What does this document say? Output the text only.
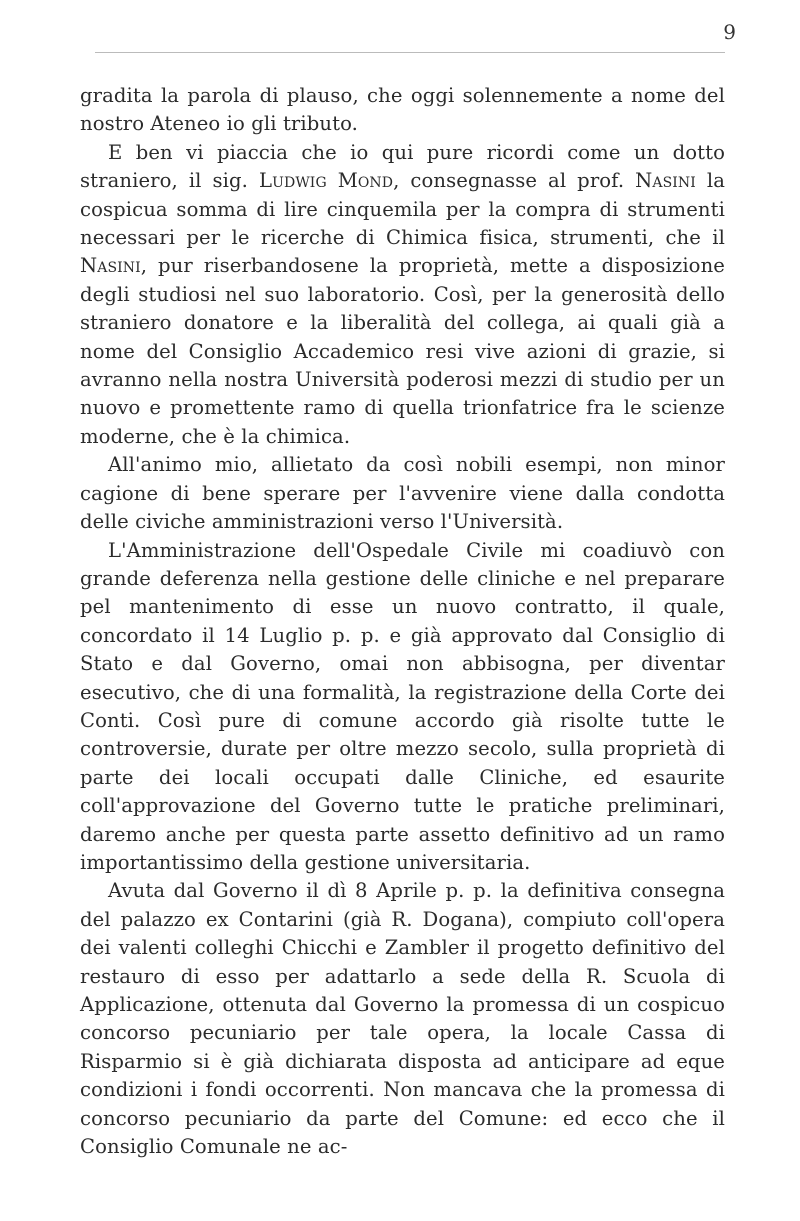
9

gradita la parola di plauso, che oggi solennemente a nome del nostro Ateneo io gli tributo.

E ben vi piaccia che io qui pure ricordi come un dotto straniero, il sig. Ludwig Mond, consegnasse al prof. Nasini la cospicua somma di lire cinquemila per la compra di strumenti necessari per le ricerche di Chimica fisica, strumenti, che il Nasini, pur riserbandosene la proprietà, mette a disposizione degli studiosi nel suo laboratorio. Così, per la generosità dello straniero donatore e la liberalità del collega, ai quali già a nome del Consiglio Accademico resi vive azioni di grazie, si avranno nella nostra Università poderosi mezzi di studio per un nuovo e promettente ramo di quella trionfatrice fra le scienze moderne, che è la chimica.

All'animo mio, allietato da così nobili esempi, non minor cagione di bene sperare per l'avvenire viene dalla condotta delle civiche amministrazioni verso l'Università.

L'Amministrazione dell'Ospedale Civile mi coadiuvò con grande deferenza nella gestione delle cliniche e nel preparare pel mantenimento di esse un nuovo contratto, il quale, concordato il 14 Luglio p. p. e già approvato dal Consiglio di Stato e dal Governo, omai non abbisogna, per diventar esecutivo, che di una formalità, la registrazione della Corte dei Conti. Così pure di comune accordo già risolte tutte le controversie, durate per oltre mezzo secolo, sulla proprietà di parte dei locali occupati dalle Cliniche, ed esaurite coll'approvazione del Governo tutte le pratiche preliminari, daremo anche per questa parte assetto definitivo ad un ramo importantissimo della gestione universitaria.

Avuta dal Governo il dì 8 Aprile p. p. la definitiva consegna del palazzo ex Contarini (già R. Dogana), compiuto coll'opera dei valenti colleghi Chicchi e Zambler il progetto definitivo del restauro di esso per adattarlo a sede della R. Scuola di Applicazione, ottenuta dal Governo la promessa di un cospicuo concorso pecuniario per tale opera, la locale Cassa di Risparmio si è già dichiarata disposta ad anticipare ad eque condizioni i fondi occorrenti. Non mancava che la promessa di concorso pecuniario da parte del Comune: ed ecco che il Consiglio Comunale ne ac-
